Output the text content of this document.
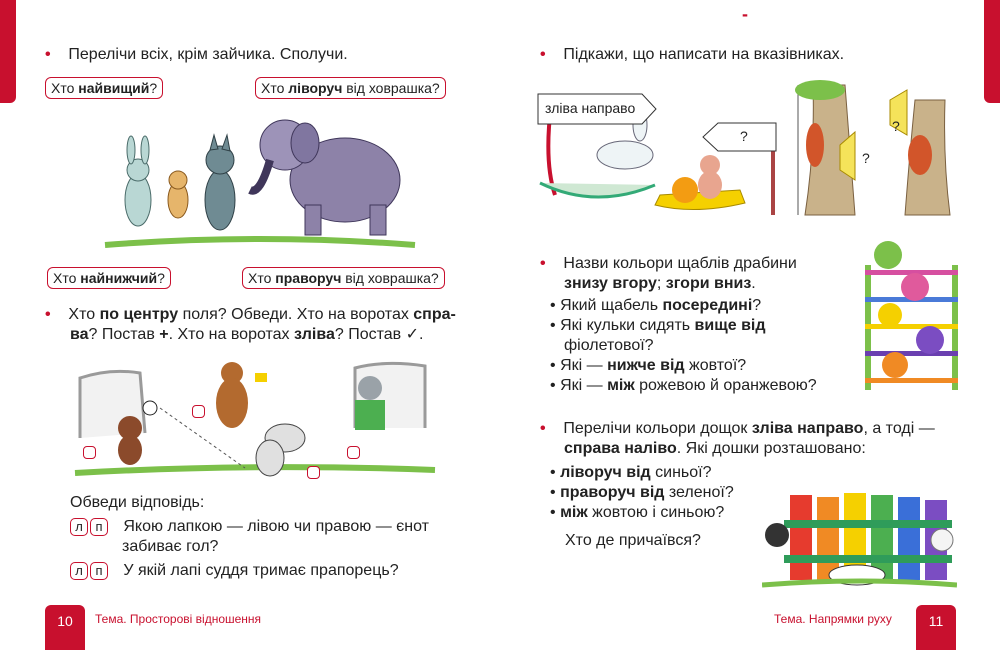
-
• Перелічи всіх, крім зайчика. Сполучи.
Хто найвищий?	Хто ліворуч від ховрашка?
Хто найнижчий?	Хто праворуч від ховрашка?
• Хто по центру поля? Обведи. Хто на воротах спра-
ва? Постав +. Хто на воротах зліва? Постав ✓.
Обведи відповідь:
л п Якою лапкою — лівою чи правою — єнот
забиває гол?
л п У якій лапі суддя тримає прапорець?
10	Тема. Просторові відношення
• Підкажи, що написати на вказівниках.
зліва направо
?
?
?
• Назви кольори щаблів драбини
знизу вгору; згори вниз.
• Який щабель посередині?
• Які кульки сидять вище від
фіолетової?
• Які — нижче від жовтої?
• Які — між рожевою й оранжевою?
• Перелічи кольори дощок зліва направо, а тоді —
справа наліво. Які дошки розташовано:
• ліворуч від синьої?
• праворуч від зеленої?
• між жовтою і синьою?
Хто де причаївся?
Тема. Напрямки руху	11
